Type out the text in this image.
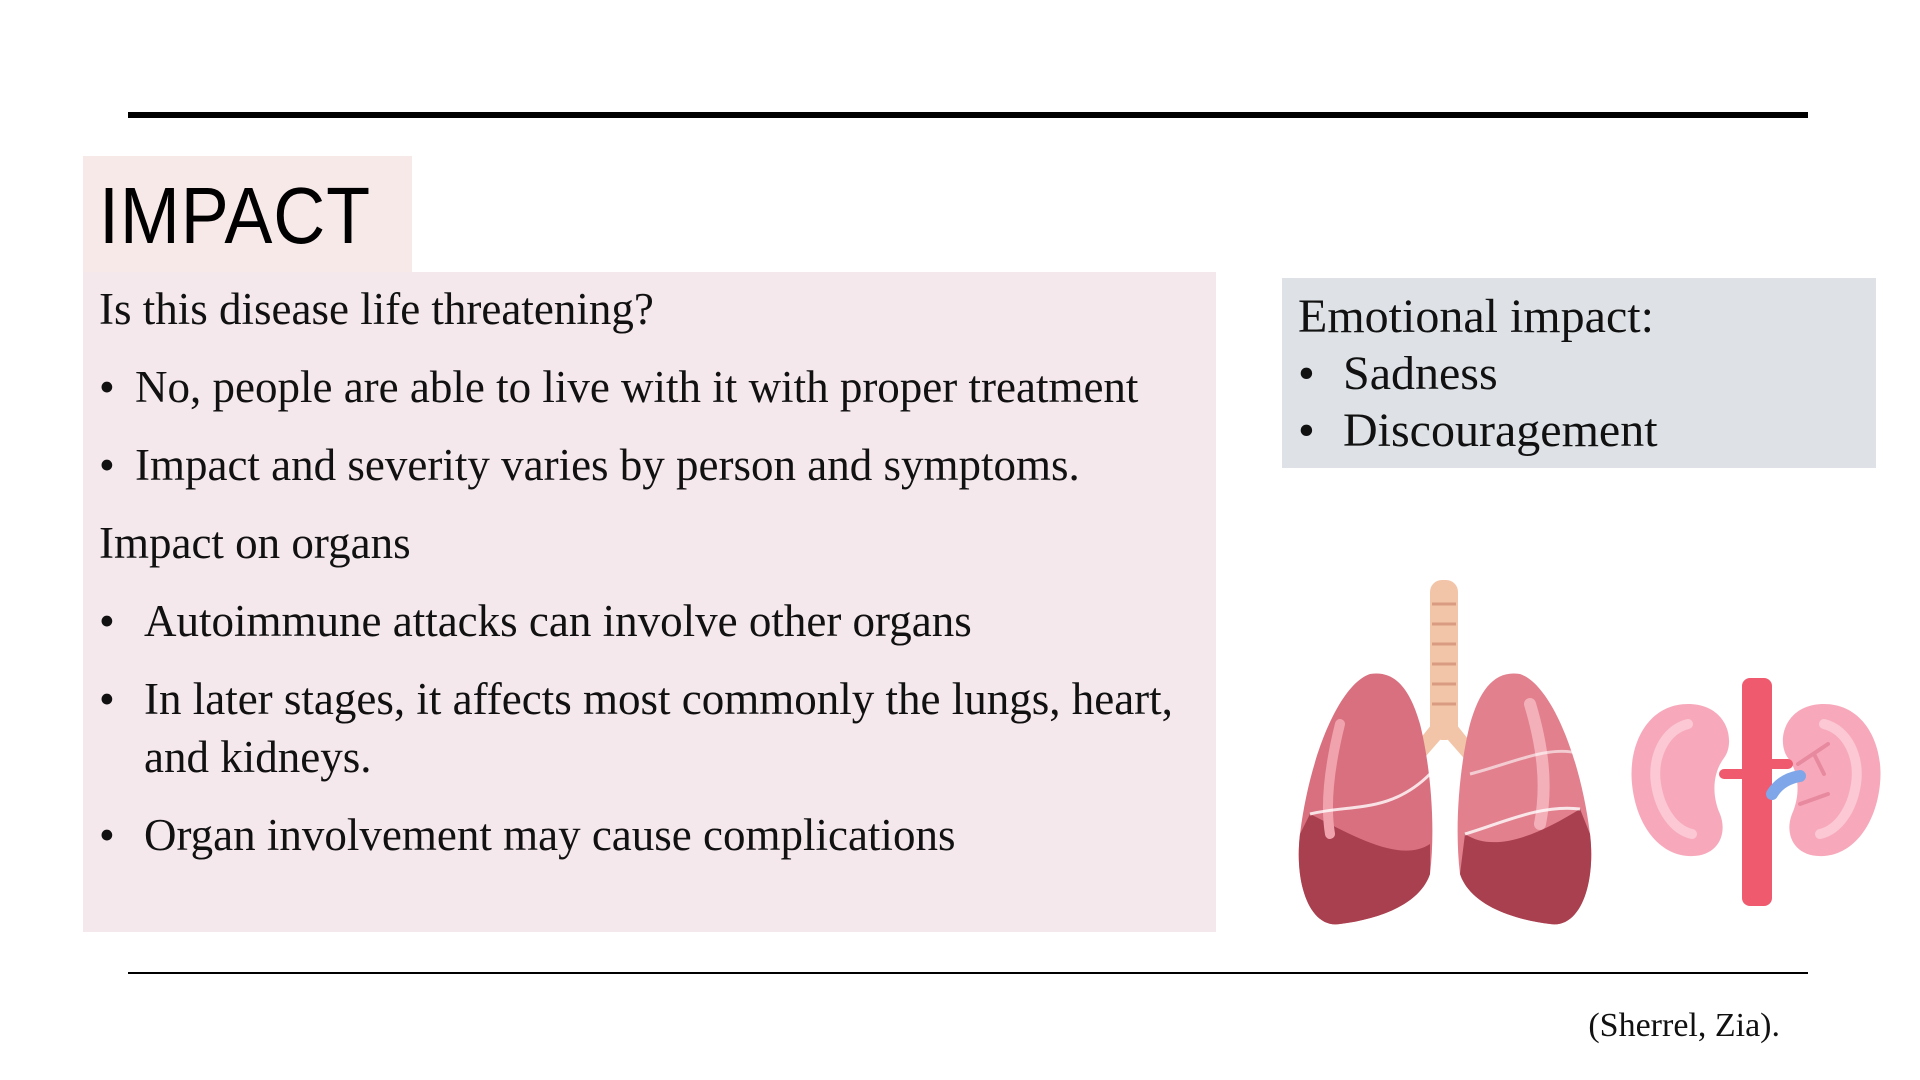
IMPACT

Is this disease life threatening?

• No, people are able to live with it with proper treatment
• Impact and severity varies by person and symptoms.

Impact on organs

• Autoimmune attacks can involve other organs
• In later stages, it affects most commonly the lungs, heart, and kidneys.
• Organ involvement may cause complications
Emotional impact:
• Sadness
• Discouragement
(Sherrel, Zia).
